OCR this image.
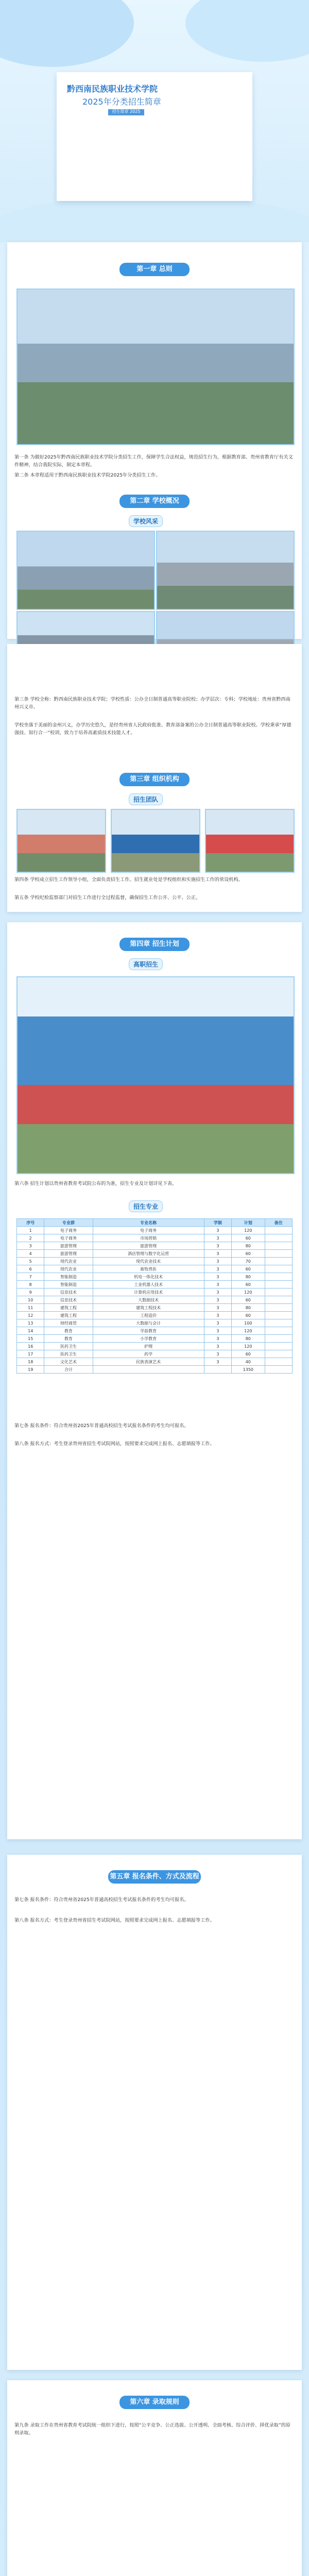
黔西南民族职业技术学院
2025年分类招生简章
招生简章 2025
第一章 总则

第一条 为做好2025年黔西南民族职业技术学院分类招生工作，保障学生合法权益，规范招生行为，根据教育部、贵州省教育厅有关文件精神，结合我院实际，制定本章程。

第二条 本章程适用于黔西南民族职业技术学院2025年分类招生工作。

第二章 学校概况
学校风采

第三条 学校全称：黔西南民族职业技术学院；学校性质：公办全日制普通高等职业院校；办学层次：专科；学校地址：贵州省黔西南州兴义市。

学校坐落于美丽的金州兴义，办学历史悠久，是经贵州省人民政府批准、教育部备案的公办全日制普通高等职业院校。学校秉承“厚德强技、知行合一”校训，致力于培养高素质技术技能人才。

第三章 组织机构
招生团队

第四条 学校成立招生工作领导小组，全面负责招生工作。招生就业处是学校组织和实施招生工作的常设机构。

第五条 学校纪检监察部门对招生工作进行全过程监督，确保招生工作公开、公平、公正。

第四章 招生计划
高职招生

第六条 招生计划以贵州省教育考试院公布的为准，招生专业及计划详见下表。

招生专业
序号	专业群	专业名称	学制	计划	备注
1	电子商务	电子商务	3	120	
2	电子商务	市场营销	3	60	
3	旅游管理	旅游管理	3	80	
4	旅游管理	酒店管理与数字化运营	3	60	
5	现代农业	现代农业技术	3	70	
6	现代农业	畜牧兽医	3	60	
7	智能制造	机电一体化技术	3	80	
8	智能制造	工业机器人技术	3	60	
9	信息技术	计算机应用技术	3	120	
10	信息技术	大数据技术	3	60	
11	建筑工程	建筑工程技术	3	80	
12	建筑工程	工程造价	3	60	
13	财经商贸	大数据与会计	3	100	
14	教育	学前教育	3	120	
15	教育	小学教育	3	80	
16	医药卫生	护理	3	120	
17	医药卫生	药学	3	60	
18	文化艺术	民族表演艺术	3	40	
19	合计			1350	

第七条 报名条件：符合贵州省2025年普通高校招生考试报名条件的考生均可报名。

第八条 报名方式：考生登录贵州省招生考试院网站，按照要求完成网上报名、志愿填报等工作。

第五章 报名条件、方式及流程

第七条 报名条件：符合贵州省2025年普通高校招生考试报名条件的考生均可报名。

第八条 报名方式：考生登录贵州省招生考试院网站，按照要求完成网上报名、志愿填报等工作。

第六章 录取规则

第九条 录取工作在贵州省教育考试院统一组织下进行，按照“公平竞争、公正选拔、公开透明、全面考核、综合评价、择优录取”的原则录取。
